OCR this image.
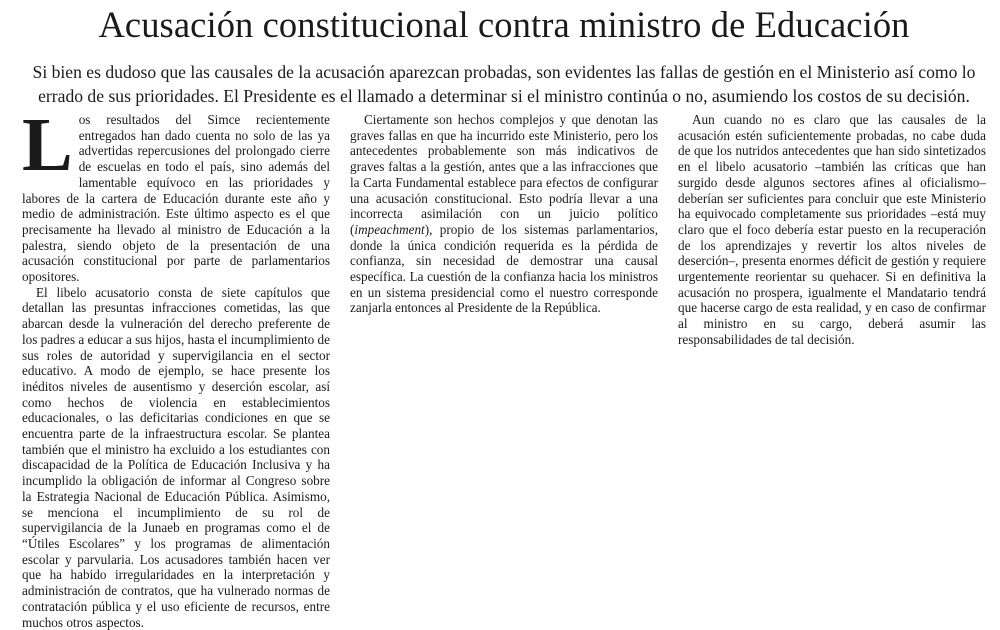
Acusación constitucional contra ministro de Educación
Si bien es dudoso que las causales de la acusación aparezcan probadas, son evidentes las fallas de gestión en el Ministerio así como lo
errado de sus prioridades. El Presidente es el llamado a determinar si el ministro continúa o no, asumiendo los costos de su decisión.

Los resultados del Simce recientemente entregados han dado cuenta no solo de las ya advertidas repercusiones del prolongado cierre de escuelas en todo el país, sino además del lamentable equívoco en las prioridades y labores de la cartera de Educación durante este año y medio de administración. Este último aspecto es el que precisamente ha llevado al ministro de Educación a la palestra, siendo objeto de la presentación de una acusación constitucional por parte de parlamentarios opositores.

El libelo acusatorio consta de siete capítulos que detallan las presuntas infracciones cometidas, las que abarcan desde la vulneración del derecho preferente de los padres a educar a sus hijos, hasta el incumplimiento de sus roles de autoridad y supervigilancia en el sector educativo. A modo de ejemplo, se hace presente los inéditos niveles de ausentismo y deserción escolar, así como hechos de violencia en establecimientos educacionales, o las deficitarias condiciones en que se encuentra parte de la infraestructura escolar. Se plantea también que el ministro ha excluido a los estudiantes con discapacidad de la Política de Educación Inclusiva y ha incumplido la obligación de informar al Congreso sobre la Estrategia Nacional de Educación Pública. Asimismo, se menciona el incumplimiento de su rol de supervigilancia de la Junaeb en programas como el de “Útiles Escolares” y los programas de alimentación escolar y parvularia. Los acusadores también hacen ver que ha habido irregularidades en la interpretación y administración de contratos, que ha vulnerado normas de contratación pública y el uso eficiente de recursos, entre muchos otros aspectos.

Ciertamente son hechos complejos y que denotan las graves fallas en que ha incurrido este Ministerio, pero los antecedentes probablemente son más indicativos de graves faltas a la gestión, antes que a las infracciones que la Carta Fundamental establece para efectos de configurar una acusación constitucional. Esto podría llevar a una incorrecta asimilación con un juicio político (impeachment), propio de los sistemas parlamentarios, donde la única condición requerida es la pérdida de confianza, sin necesidad de demostrar una causal específica. La cuestión de la confianza hacia los ministros en un sistema presidencial como el nuestro corresponde zanjarla entonces al Presidente de la República.

Aun cuando no es claro que las causales de la acusación estén suficientemente probadas, no cabe duda de que los nutridos antecedentes que han sido sintetizados en el libelo acusatorio –también las críticas que han surgido desde algunos sectores afines al oficialismo– deberían ser suficientes para concluir que este Ministerio ha equivocado completamente sus prioridades –está muy claro que el foco debería estar puesto en la recuperación de los aprendizajes y revertir los altos niveles de deserción–, presenta enormes déficit de gestión y requiere urgentemente reorientar su quehacer. Si en definitiva la acusación no prospera, igualmente el Mandatario tendrá que hacerse cargo de esta realidad, y en caso de confirmar al ministro en su cargo, deberá asumir las responsabilidades de tal decisión.
